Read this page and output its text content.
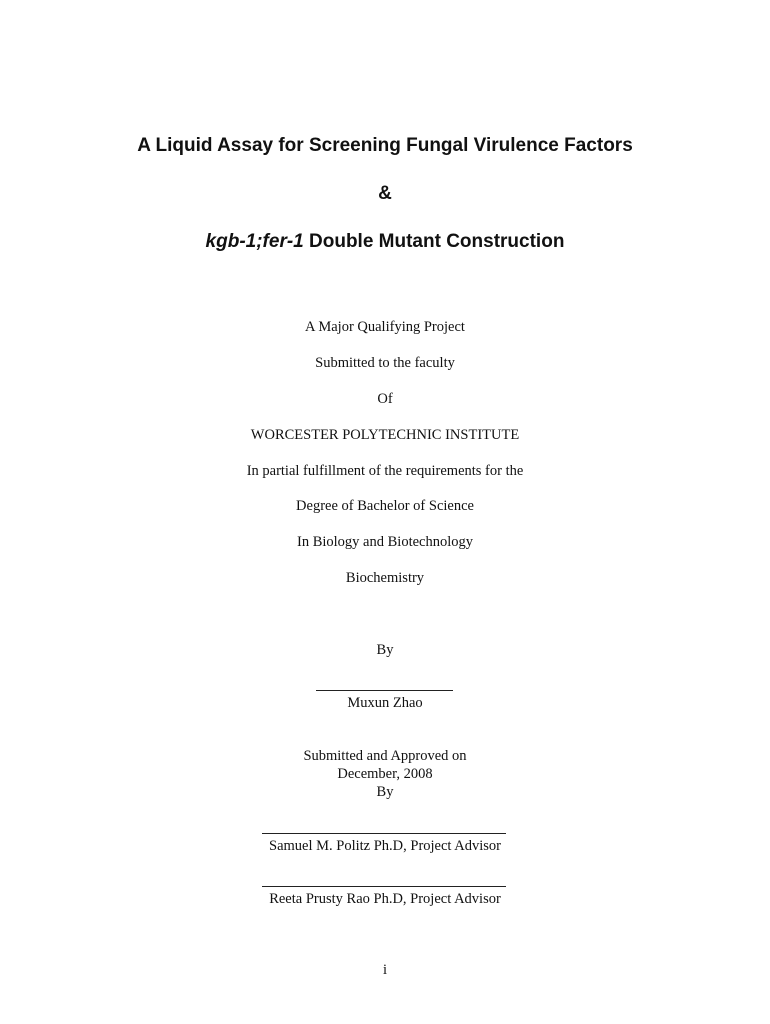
A Liquid Assay for Screening Fungal Virulence Factors
&
kgb-1;fer-1 Double Mutant Construction
A Major Qualifying Project
Submitted to the faculty
Of
WORCESTER POLYTECHNIC INSTITUTE
In partial fulfillment of the requirements for the
Degree of Bachelor of Science
In Biology and Biotechnology
Biochemistry
By
Muxun Zhao
Submitted and Approved on
December, 2008
By
Samuel M. Politz Ph.D, Project Advisor
Reeta Prusty Rao Ph.D, Project Advisor
i
